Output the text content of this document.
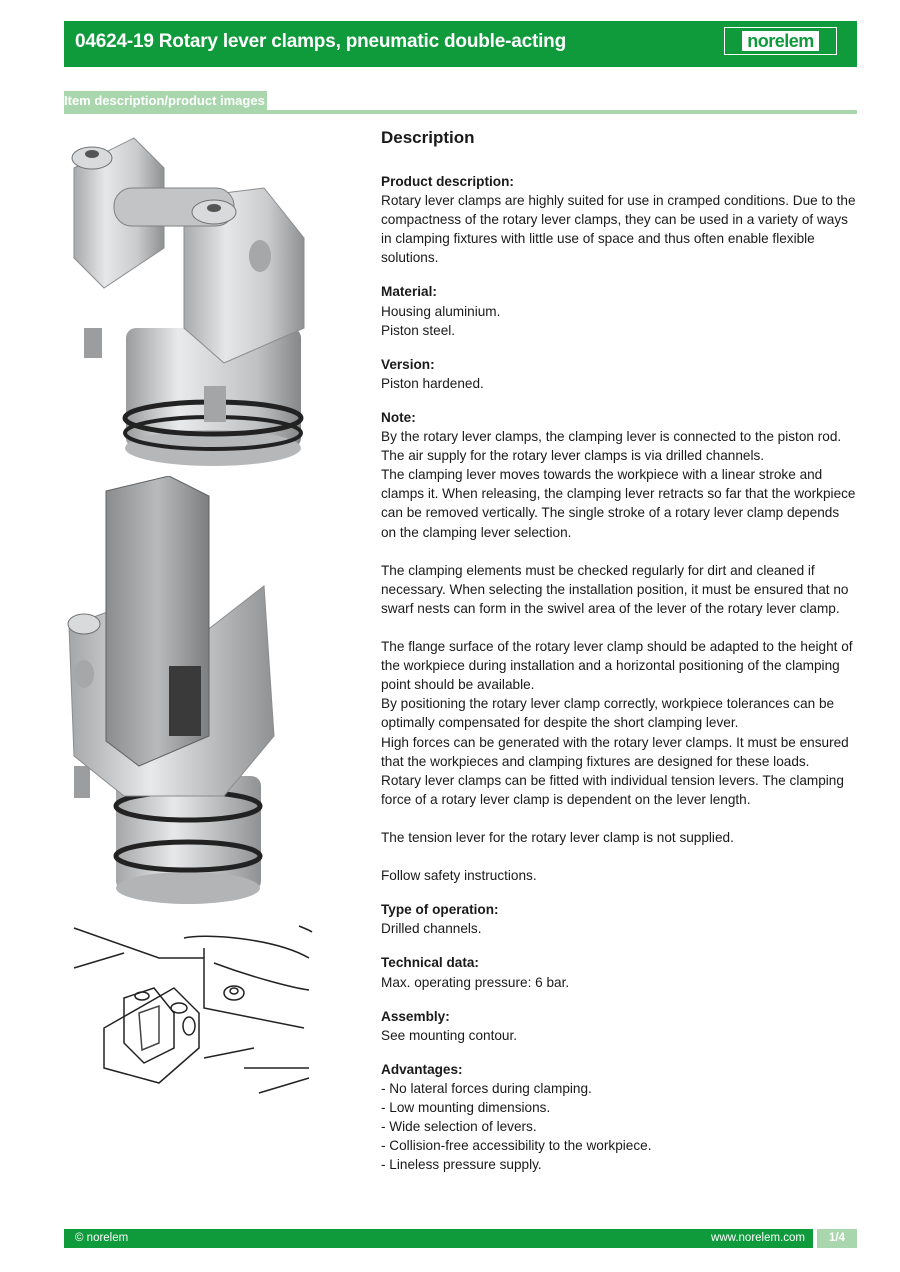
04624-19 Rotary lever clamps, pneumatic double-acting	norelem
Item description/product images
Description
Product description:
Rotary lever clamps are highly suited for use in cramped conditions. Due to the compactness of the rotary lever clamps, they can be used in a variety of ways in clamping fixtures with little use of space and thus often enable flexible solutions.
Material:
Housing aluminium.
Piston steel.
Version:
Piston hardened.
Note:
By the rotary lever clamps, the clamping lever is connected to the piston rod. The air supply for the rotary lever clamps is via drilled channels.
The clamping lever moves towards the workpiece with a linear stroke and clamps it. When releasing, the clamping lever retracts so far that the workpiece can be removed vertically. The single stroke of a rotary lever clamp depends on the clamping lever selection.

The clamping elements must be checked regularly for dirt and cleaned if necessary. When selecting the installation position, it must be ensured that no swarf nests can form in the swivel area of the lever of the rotary lever clamp.

The flange surface of the rotary lever clamp should be adapted to the height of the workpiece during installation and a horizontal positioning of the clamping point should be available.
By positioning the rotary lever clamp correctly, workpiece tolerances can be optimally compensated for despite the short clamping lever.
High forces can be generated with the rotary lever clamps. It must be ensured that the workpieces and clamping fixtures are designed for these loads.
Rotary lever clamps can be fitted with individual tension levers. The clamping force of a rotary lever clamp is dependent on the lever length.

The tension lever for the rotary lever clamp is not supplied.

Follow safety instructions.
Type of operation:
Drilled channels.
Technical data:
Max. operating pressure: 6 bar.
Assembly:
See mounting contour.
Advantages:
- No lateral forces during clamping.
- Low mounting dimensions.
- Wide selection of levers.
- Collision-free accessibility to the workpiece.
- Lineless pressure supply.
© norelem	www.norelem.com	1/4
